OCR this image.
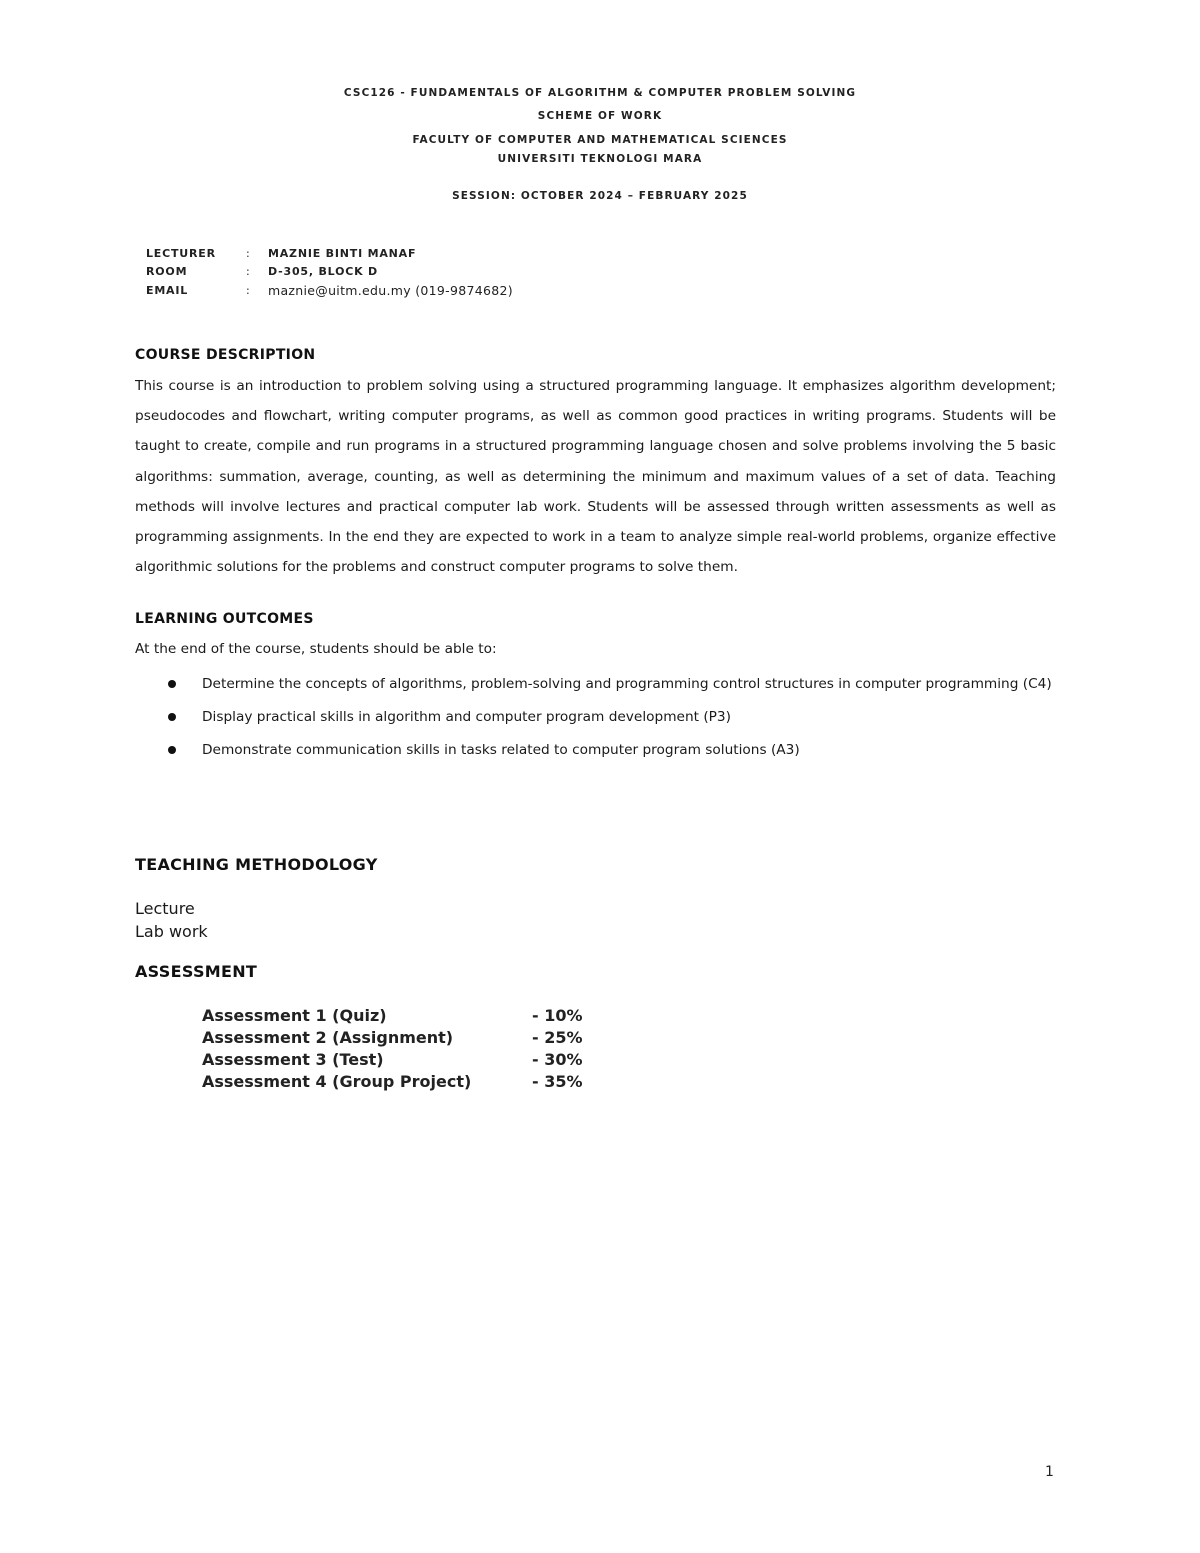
CSC126 - FUNDAMENTALS OF ALGORITHM & COMPUTER PROBLEM SOLVING
SCHEME OF WORK
FACULTY OF COMPUTER AND MATHEMATICAL SCIENCES
UNIVERSITI TEKNOLOGI MARA
SESSION: OCTOBER 2024 – FEBRUARY 2025
LECTURER	:	MAZNIE BINTI MANAF
ROOM	:	D-305, BLOCK D
EMAIL	:	maznie@uitm.edu.my (019-9874682)
COURSE DESCRIPTION
This course is an introduction to problem solving using a structured programming language. It emphasizes algorithm development; pseudocodes and flowchart, writing computer programs, as well as common good practices in writing programs. Students will be taught to create, compile and run programs in a structured programming language chosen and solve problems involving the 5 basic algorithms: summation, average, counting, as well as determining the minimum and maximum values of a set of data. Teaching methods will involve lectures and practical computer lab work. Students will be assessed through written assessments as well as programming assignments. In the end they are expected to work in a team to analyze simple real-world problems, organize effective algorithmic solutions for the problems and construct computer programs to solve them.
LEARNING OUTCOMES
At the end of the course, students should be able to:
Determine the concepts of algorithms, problem-solving and programming control structures in computer programming (C4)
Display practical skills in algorithm and computer program development (P3)
Demonstrate communication skills in tasks related to computer program solutions (A3)
TEACHING METHODOLOGY
Lecture
Lab work
ASSESSMENT
Assessment 1 (Quiz)	- 10%
Assessment 2 (Assignment)	- 25%
Assessment 3 (Test)	- 30%
Assessment 4 (Group Project)	- 35%
1
